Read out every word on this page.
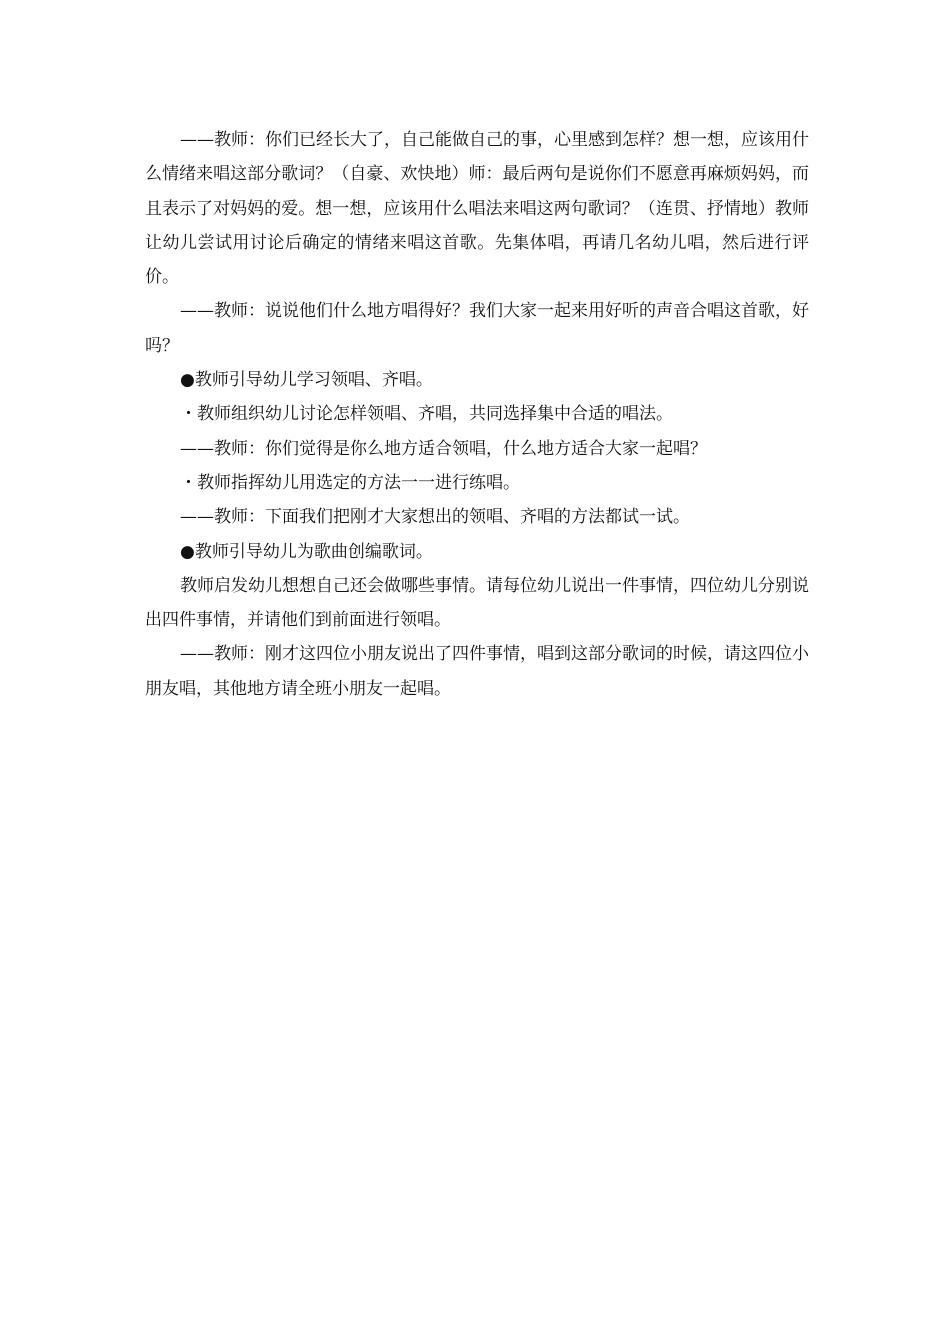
——教师：你们已经长大了，自己能做自己的事，心里感到怎样？想一想，应该用什么情绪来唱这部分歌词？（自豪、欢快地）师：最后两句是说你们不愿意再麻烦妈妈，而且表示了对妈妈的爱。想一想，应该用什么唱法来唱这两句歌词？（连贯、抒情地）教师让幼儿尝试用讨论后确定的情绪来唱这首歌。先集体唱，再请几名幼儿唱，然后进行评价。

——教师：说说他们什么地方唱得好？我们大家一起来用好听的声音合唱这首歌，好吗？

●教师引导幼儿学习领唱、齐唱。

・教师组织幼儿讨论怎样领唱、齐唱，共同选择集中合适的唱法。

——教师：你们觉得是你么地方适合领唱，什么地方适合大家一起唱？

・教师指挥幼儿用选定的方法一一进行练唱。

——教师：下面我们把刚才大家想出的领唱、齐唱的方法都试一试。

●教师引导幼儿为歌曲创编歌词。

教师启发幼儿想想自己还会做哪些事情。请每位幼儿说出一件事情，四位幼儿分别说出四件事情，并请他们到前面进行领唱。

——教师：刚才这四位小朋友说出了四件事情，唱到这部分歌词的时候，请这四位小朋友唱，其他地方请全班小朋友一起唱。
